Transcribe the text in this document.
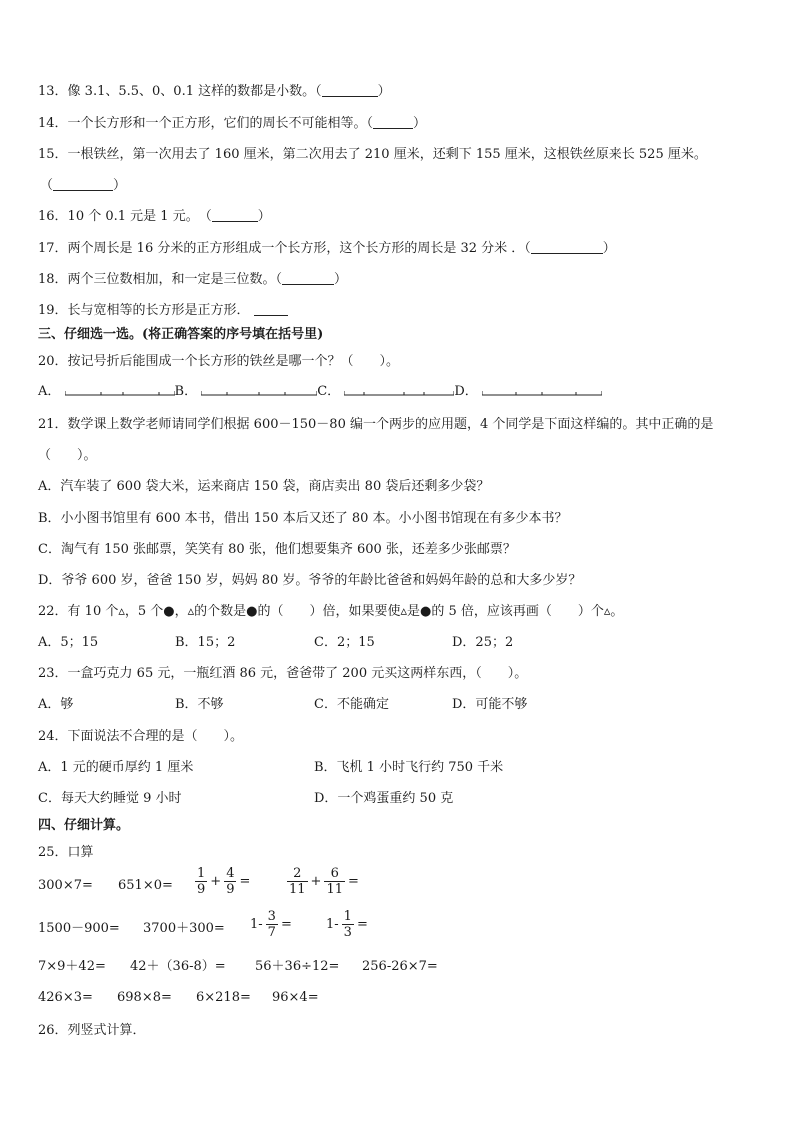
13．像 3.1、5.5、0、0.1 这样的数都是小数。（	）
14．一个长方形和一个正方形，它们的周长不可能相等。（	）
15．一根铁丝，第一次用去了 160 厘米，第二次用去了 210 厘米，还剩下 155 厘米，这根铁丝原来长 525 厘米。
（	）
16．10 个 0.1 元是 1 元。　（	）
17．两个周长是 16 分米的正方形组成一个长方形，这个长方形的周长是 32 分米 ．（	）
18．两个三位数相加，和一定是三位数。（	）
19．长与宽相等的长方形是正方形．
三、仔细选一选。(将正确答案的序号填在括号里)
20．按记号折后能围成一个长方形的铁丝是哪一个？（　　）。
A．	B．	C．	D．
21．数学课上数学老师请同学们根据 600－150－80 编一个两步的应用题，4 个同学是下面这样编的。其中正确的是
（　　）。
A．汽车装了 600 袋大米，运来商店 150 袋，商店卖出 80 袋后还剩多少袋？
B．小小图书馆里有 600 本书，借出 150 本后又还了 80 本。小小图书馆现在有多少本书？
C．淘气有 150 张邮票，笑笑有 80 张，他们想要集齐 600 张，还差多少张邮票？
D．爷爷 600 岁，爸爸 150 岁，妈妈 80 岁。爷爷的年龄比爸爸和妈妈年龄的总和大多少岁？
22．有 10 个▵，5 个●，▵的个数是●的（　　）倍，如果要使▵是●的 5 倍，应该再画（　　）个▵。
A．5；15	B．15；2	C．2；15	D．25；2
23．一盒巧克力 65 元，一瓶红酒 86 元，爸爸带了 200 元买这两样东西，（　　）。
A．够	B．不够	C．不能确定	D．可能不够
24．下面说法不合理的是（　　）。
A．1 元的硬币厚约 1 厘米	B．飞机 1 小时飞行约 750 千米
C．每天大约睡觉 9 小时	D．一个鸡蛋重约 50 克
四、仔细计算。
25．口算
$300\times 7= 651\times 0= \frac{1}{9} + \frac{4}{9}$ =	$\frac{2}{11} + \frac{6}{11}$ =
$1500-900= 3700+300= 1- \frac{3}{7}$ =	$1- \frac{1}{3}$ =
7×9＋42= 42＋（36-8）= 56＋36÷12= 256-26×7=
426×3= 698×8= 6×218= 96×4=
26．列竖式计算．
